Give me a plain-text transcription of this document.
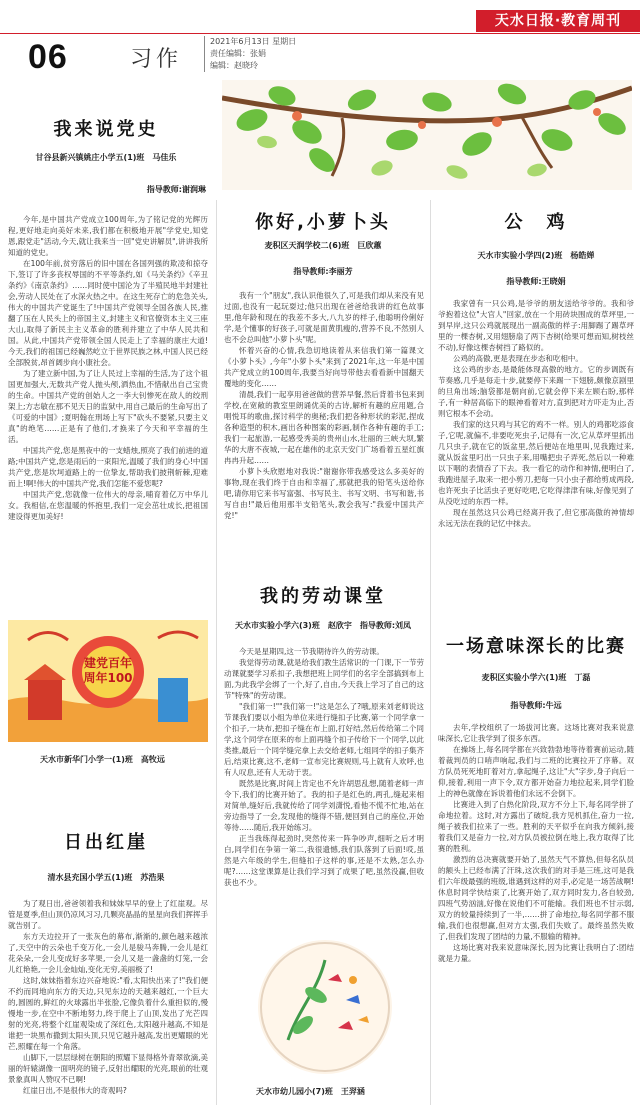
天水日报·教育周刊
06	习作
2021年6月13日 星期日
责任编辑：张娟
编辑：赵晓玲
我来说党史
甘谷县新兴镇姚庄小学五(1)班　马佳乐
指导教师:谢润琳

今年,是中国共产党成立100周年,为了铭记党的光辉历程,更好地走向美好未来,我们都在积极地开展"学党史,知党恩,跟党走"活动,今天,就让我来当一回"党史讲解员",讲讲我所知道的党史。

在100年前,贫穷落后的旧中国在各国列强的欺凌和掠夺下,签订了许多丧权辱国的不平等条约,如《马关条约》《辛丑条约》《南京条约》……同时使中国沦为了半殖民地半封建社会,劳动人民处在了水深火热之中。在这生死存亡的危急关头,伟大的中国共产党诞生了!中国共产党领导全国各族人民,推翻了压在人民头上的帝国主义,封建主义和官僚资本主义三座大山,取得了新民主主义革命的胜利并建立了中华人民共和国。从此,中国共产党带领全国人民走上了幸福的康庄大道!今天,我们的祖国已经巍然屹立于世界民族之林,中国人民已经全部脱贫,昂首阔步向小康社会。

为了建立新中国,为了让人民过上幸福的生活,为了这个祖国更加强大,无数共产党人抛头颅,洒热血,不惜献出自己宝贵的生命。中国共产党的创始人之一李大钊惨死在敌人的绞刑架上;方志敏在那不见天日的监狱中,用自己最后的生命写出了《可爱的中国》;夏明翰在刑场上写下"砍头不要紧,只要主义真"的绝笔……正是有了他们,才换来了今天和平幸福的生活。

中国共产党,您是黑夜中的一支蜡烛,照亮了我们前进的道路;中国共产党,您是雨后的一束阳光,温暖了我们的身心!中国共产党,您是坎坷道路上的一位挚友,帮助我们披荆斩棘,迎难而上!啊!伟大的中国共产党,我们怎能不爱您呢?

中国共产党,您就像一位伟大的母亲,哺育着亿万中华儿女。我相信,在您温暖的怀抱里,我们一定会茁壮成长,把祖国建设得更加美好!

建党百年 周年100
天水市新华门小学一(1)班　高牧远
日出红崖
清水县充国小学五(1)班　苏浩果

为了观日出,爸爸领着我和妹妹早早的登上了红崖观。尽管是夏季,但山顶仍凉风习习,几颗亮晶晶的星星向我们挥挥手就告别了。

东方天边拉开了一张灰色的幕布,渐渐的,颜色越来越浓了,天空中的云朵也千变万化,一会儿是骏马奔腾,一会儿是红花朵朵,一会儿变成好多苹果,一会儿又是一盏盏的灯笼,一会儿红艳艳,一会儿金灿灿,变化无穷,美丽极了!

这时,妹妹指着东边兴奋地说:"看,太阳快出来了!"我们便不约而同地向东方的天边,只见东边的天越来越红,一个巨大的,圆圆的,鲜红的火球露出半张脸,它像负着什么重担似的,慢慢地一步,在空中不断地努力,终于爬上了山顶,发出了光芒四射的光亮,将整个红崖观染成了深红色,太阳越升越高,不知是谁把一块黑布撒到太阳头顶,只见它越升越高,发出更耀眼的光芒,照耀在每一个角落。

山脚下,一层层绿树在朝阳的照耀下显得格外青翠欲滴,美丽的轩辕湖像一面明亮的镜子,反射出耀眼的光亮,眼前的壮观景象真叫人赞叹不已啊!

红崖日出,不是很伟大的奇观吗?

你好,小萝卜头
麦积区天润学校二(6)班　巨欣蕙
指导教师:李丽芳

我有一个"朋友",我认识他很久了,可是我们却从来没有见过面,也没有一起玩耍过;他只出现在爸爸给我讲的红色故事里,他年龄和现在的我差不多大,八九岁的样子,他聪明伶俐好学,是个懂事的好孩子,可就是面黄肌瘦的,营养不良,不然别人也不会总叫他"小萝卜头"呢。

怀着兴奋的心情,我急切地读着从来信我们第一篇课文《小萝卜头》,今年"小萝卜头"来到了2021年,这一年是中国共产党成立的100周年,我要当好向导带他去看看新中国翻天覆地的变化……

清晨,我们一起享用爸爸做的营养早餐,然后背着书包来到学校,在宽敞的教室里朗诵优美的古诗,解析有趣的应用题,合唱悦耳的歌曲,探讨科学的奥秘;我们把各种形状的彩泥,捏成各种造型的积木,画出各种图案的彩画,制作各种有趣的手工;我们一起旅游,一起感受秀美的贵州山水,壮丽的三峡大坝,繁华的大唐不夜城,一起在雄伟的北京天安门广场看着五星红旗冉冉升起……

小萝卜头欣慰地对我说:"谢谢你带我感受这么多美好的事物,现在我们终于自由和幸福了,那就把我的铅笔头送给你吧,请你用它来书写富强、书写民主、书写文明、书写和谐,书写自由!"最后他用那半支铅笔头,教会我写:"我爱中国共产党!"

我的劳动课堂
天水市实验小学六(3)班　赵欣宇　指导教师:刘凤

今天是星期四,这一节我期待许久的劳动课。

我觉得劳动课,就是给我们教生活常识的一门课,下一节劳动课就要学习系扣子,我想把班上同学们的名字全部搞到布上面,为此我学会绑了一个,好了,自由,今天我上学习了自己的这节"特殊"的劳动课。

"我们第一!""我们第一!"这是怎么了?哦,原来刘老师说这节课我们要以小组为单位来进行缝扣子比赛,第一个同学拿一个扣子,一块布,把扣子缝在布上面,打好结,然后传给第二个同学,这个同学在原来的布上面再缝个扣子传给下一个同学,以此类推,最后一个同学缝完拿上去交给老师,七组同学的扣子集齐后,结束比赛,这不,老师一宣布完比赛规则,马上就有人欢呼,也有人叹息,还有人无动于衷。

既然是比赛,时间上肯定也不允许胡思乱想,随着老师一声令下,我们的比赛开始了。我的扣子是红色的,两孔,缝起来相对简单,缝好后,我就传给了同学刘潇悦,看他不慌不忙地,站在旁边指导了一会,发现他的缝得不错,便回到自己的座位,开始等待……随后,我开始练习。

正当我练得起劲时,突然传来一阵争吵声,细听之后才明白,同学们在争第一第二,我很遗憾,我们队落到了后面!哎,虽然是六年级的学生,但缝扣子这样的事,还是不太熟,怎么办呢?……这堂课算是让我们学习到了成果了吧,虽然没赢,但收获也不少。

天水市幼儿园小(7)班　王羿涵
公　鸡
天水市实验小学四(2)班　杨皓婵
指导教师:王晓娟

我家曾有一只公鸡,是爷爷的朋友送给爷爷的。我和爷爷抱着这位"大官人"回家,放在一个用砖块围成的草坪里,一到早岸,这只公鸡就展现出一副高傲的样子:用脚踢了踢草坪里的一棵杏树,又用翅膀扇了两下杏树(给果可想而知,树枝丝不动),好像这棵杏树挡了路似的。

公鸡的高傲,更是表现在步态和吃相中。

这公鸡的步态,是最能体现高傲的地方。它的步调既有节奏感,几乎是每走十步,就要停下来踢一下翅膀,颇像京剧里的旦角出场;脑袋都是朝向前,它就会停下来左顾右盼,那样子,有一种居高临下的眼神看着对方,直到把对方吓走为止,否则它根本不会动。

我们家的这只鸡与其它的鸡不一样。别人的鸡都吃添食子,它呢,就偏不,非要吃死虫子,记得有一次,它从草坪里抓出几只虫子,就在它的饭盆里,然后便站在地里叫,见我跑过来,就从饭盆里叼出一只虫子来,用嘴把虫子弄死,然后以一种难以下咽的表情吞了下去。我一看它的动作和神情,便明白了,我跑进屋子,取来一把小剪刀,把每一只小虫子都给剪成两段,也许死虫子比活虫子更好吃吧,它吃得津津有味,好像见到了从没吃过的东西一样。

现在虽然这只公鸡已经离开我了,但它那高傲的神情却永远无法在我的记忆中抹去。

一场意味深长的比赛
麦积区实验小学六(1)班　丁磊
指导教师:牛远

去年,学校组织了一场拔河比赛。这场比赛对我来说意味深长,它让我学到了很多东西。

在操场上,每名同学都在兴致勃勃地等待着赛前运动,随着裁判员的口哨声响起,我们与二班的比赛拉开了序幕。双方队员死死地盯着对方,拿起绳子,这让"大"字步,身子向后一仰,接着,利用一声下令,双方都开始奋力地拉起来,同学们脸上的神色就像在诉说着他们永远不会倒下。

比赛进入到了白热化阶段,双方不分上下,每名同学拼了命地拉着。这时,对方露出了破绽,我方见机抓住,奋力一拉,绳子被我们拉来了一些。胜利的天平似乎在向我方倾斜,接着我们又是奋力一拉,对方队员被拉倒在地上,我方取得了比赛的胜利。

激烈的总决赛就要开始了,虽然天气不算热,但每名队员的额头上已经布满了汗珠,这次我们的对手是三班,这可是我们六年级最强的班级,谁遇到这样的对手,必定是一场苦战啊!休息时同学快结束了,比赛开始了,双方同时发力,各自较劲,四班气势汹汹,好像在说他们不可能输。我们班也不甘示弱,双方的较量持续到了一半,……拼了命地拉,每名同学都不服输,我们也很想赢,但对方太强,我们失败了。最终虽然失败了,但我们发现了团结的力量,不服输的精神。

这场比赛对我来说意味深长,因为比赛让我明白了:团结就是力量。
